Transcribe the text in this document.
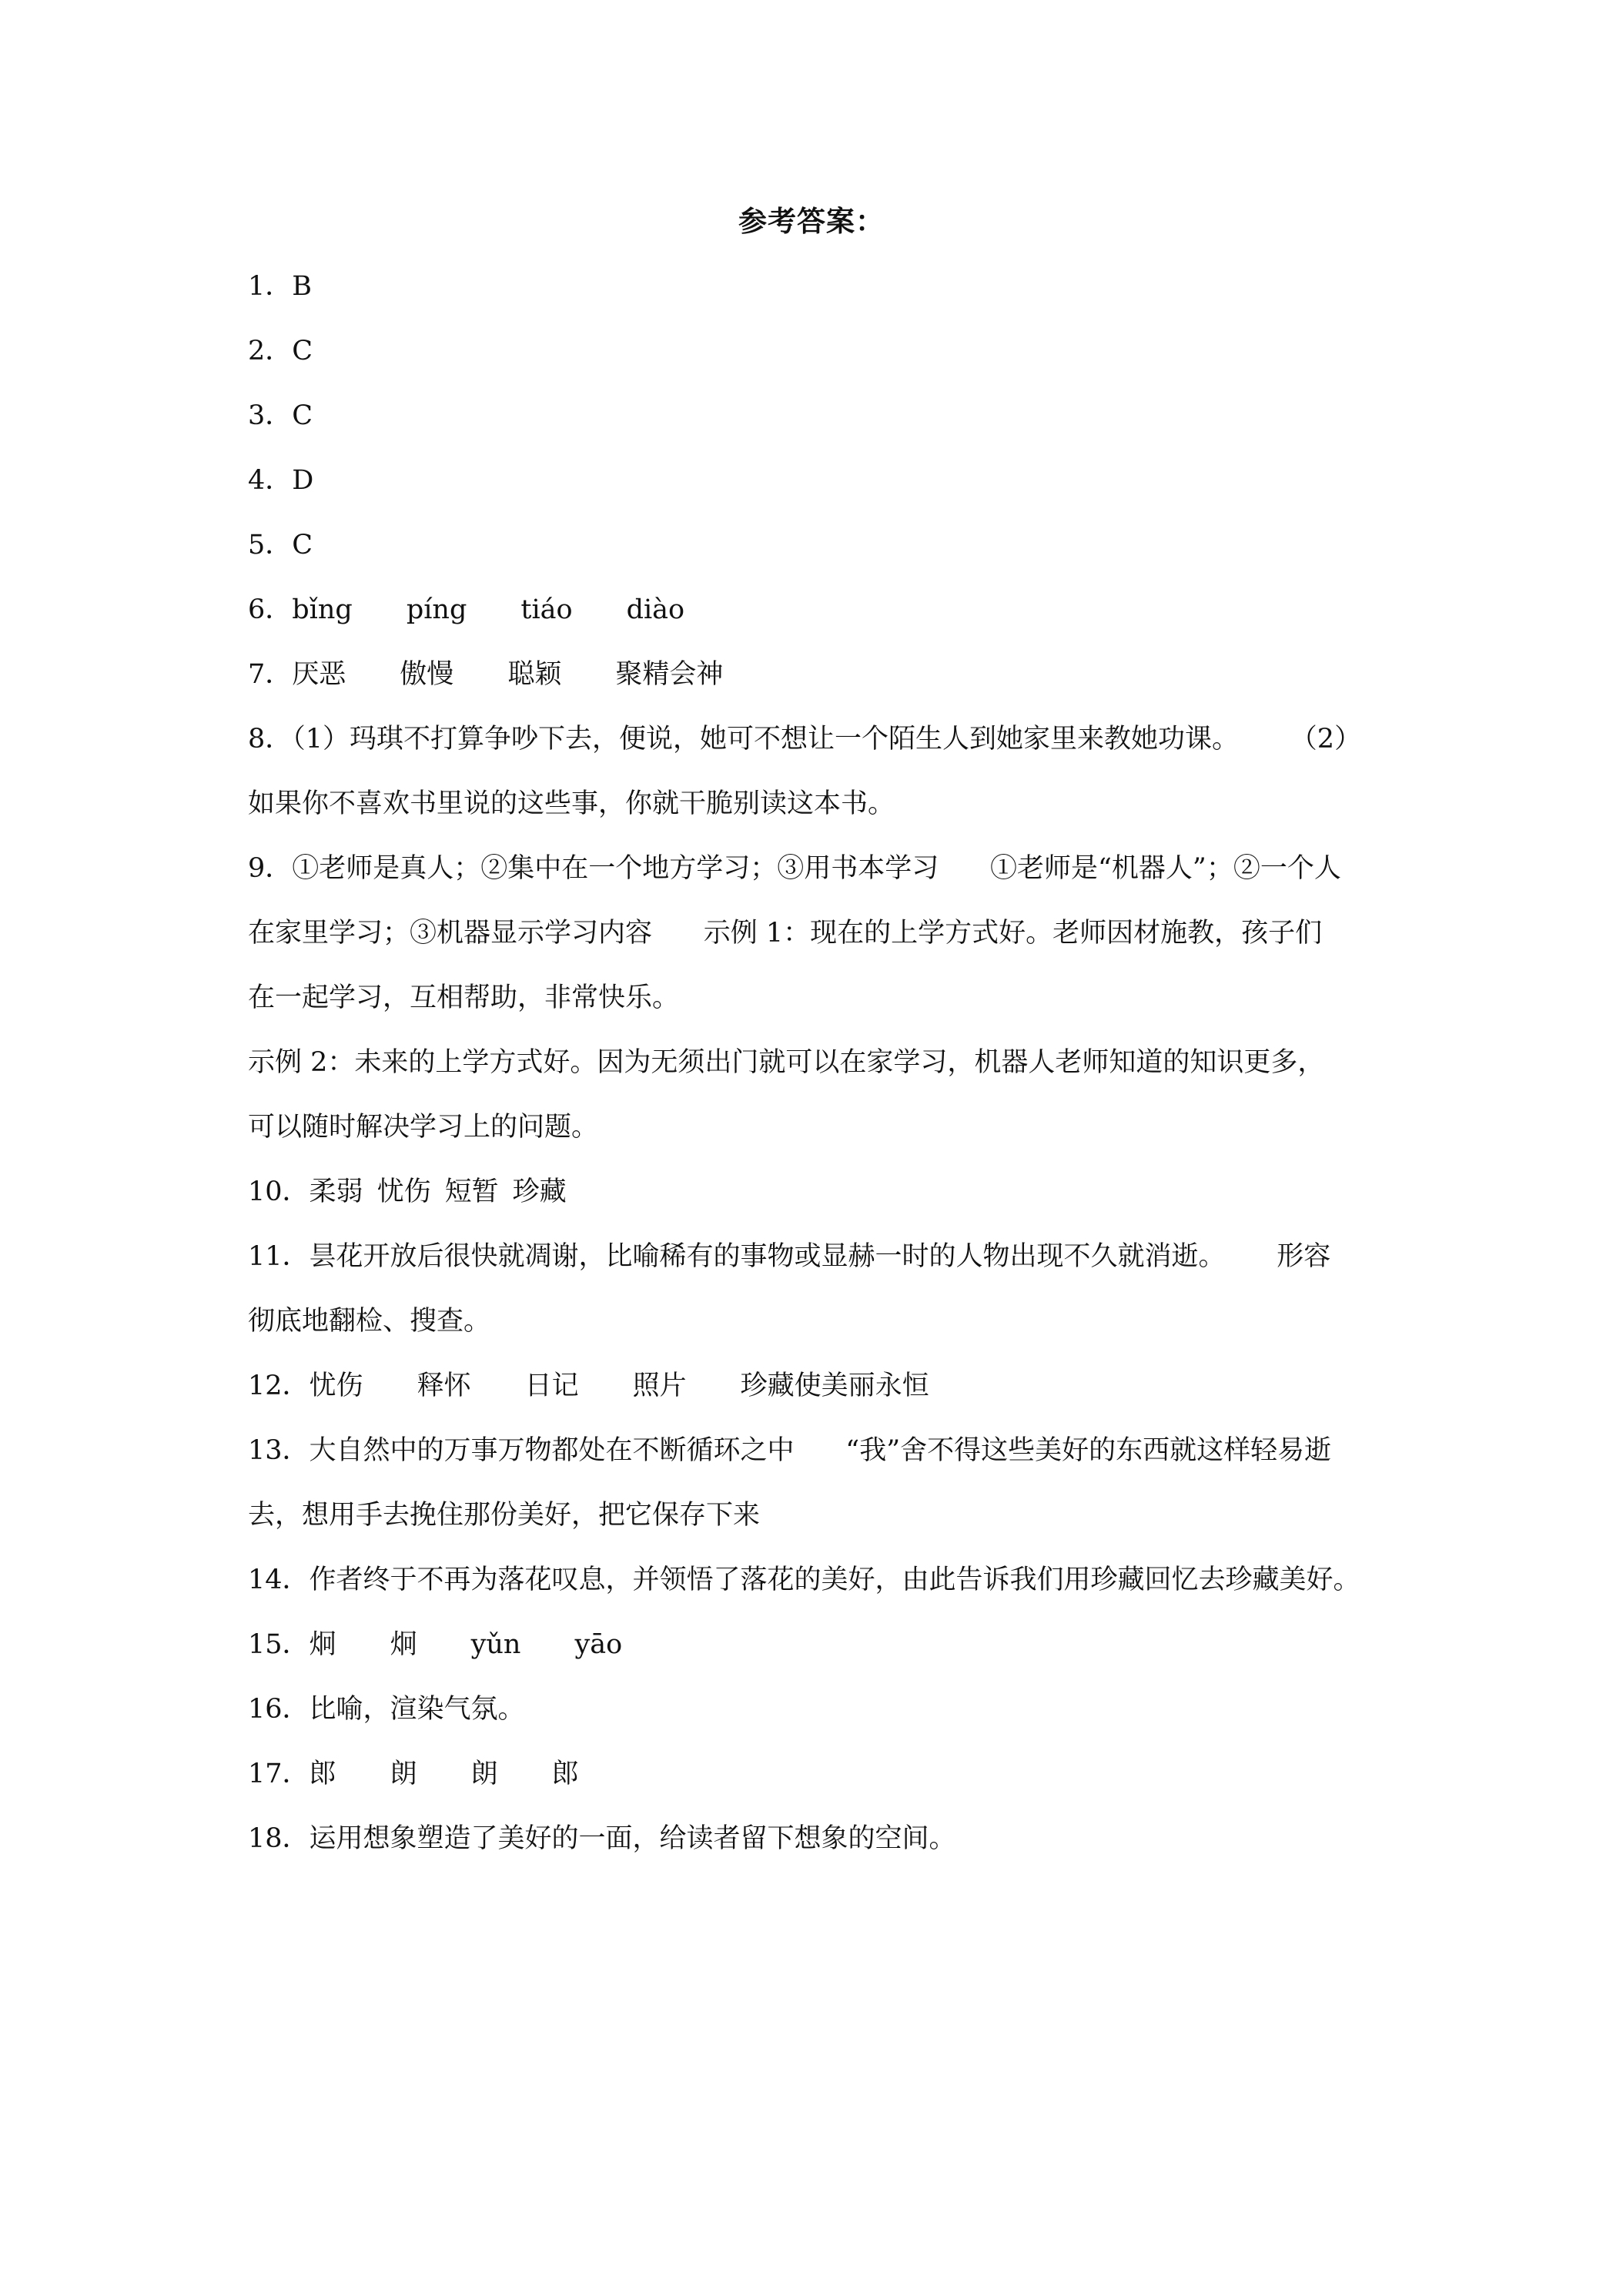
参考答案：
1．B
2．C
3．C
4．D
5．C
6．bǐng píng tiáo diào
7．厌恶 傲慢 聪颖 聚精会神
8．（1）玛琪不打算争吵下去，便说，她可不想让一个陌生人到她家里来教她功课。      （2）
如果你不喜欢书里说的这些事，你就干脆别读这本书。
9．①老师是真人；②集中在一个地方学习；③用书本学习      ①老师是“机器人”；②一个人
在家里学习；③机器显示学习内容      示例 1：现在的上学方式好。老师因材施教，孩子们
在一起学习，互相帮助，非常快乐。
示例 2：未来的上学方式好。因为无须出门就可以在家学习，机器人老师知道的知识更多，
可以随时解决学习上的问题。
10．柔弱 忧伤 短暂 珍藏
11．昙花开放后很快就凋谢，比喻稀有的事物或显赫一时的人物出现不久就消逝。      形容
彻底地翻检、搜查。
12．忧伤 释怀 日记 照片 珍藏使美丽永恒
13．大自然中的万事万物都处在不断循环之中      “我”舍不得这些美好的东西就这样轻易逝
去，想用手去挽住那份美好，把它保存下来
14．作者终于不再为落花叹息，并领悟了落花的美好，由此告诉我们用珍藏回忆去珍藏美好。
15．炯 炯 yǔn yāo
16．比喻，渲染气氛。
17．郎 朗 朗 郎
18．运用想象塑造了美好的一面，给读者留下想象的空间。
